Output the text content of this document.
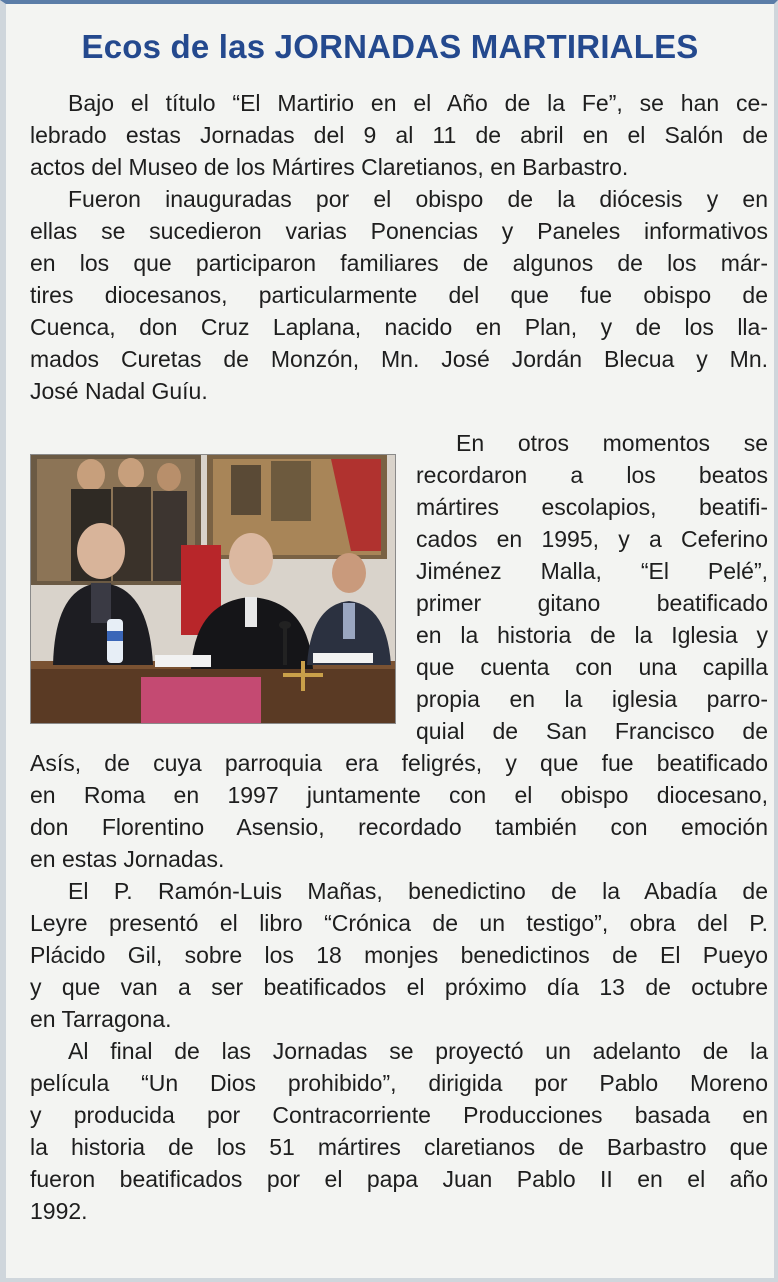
Ecos de las JORNADAS MARTIRIALES
Bajo el título “El Martirio en el Año de la Fe”, se han ce-
lebrado estas Jornadas del 9 al 11 de abril en el Salón de
actos del Museo de los Mártires Claretianos, en Barbastro.
Fueron inauguradas por el obispo de la diócesis y en
ellas se sucedieron varias Ponencias y Paneles informativos
en los que participaron familiares de algunos de los már-
tires diocesanos, particularmente del que fue obispo de
Cuenca, don Cruz Laplana, nacido en Plan, y de los lla-
mados Curetas de Monzón, Mn. José Jordán Blecua y Mn.
José Nadal Guíu.
En otros momentos se
recordaron a los beatos
mártires escolapios, beatifi-
cados en 1995, y a Ceferino
Jiménez Malla, “El Pelé”,
primer gitano beatificado
en la historia de la Iglesia y
que cuenta con una capilla
propia en la iglesia parro-
quial de San Francisco de
Asís, de cuya parroquia era feligrés, y que fue beatificado
en Roma en 1997 juntamente con el obispo diocesano,
don Florentino Asensio, recordado también con emoción
en estas Jornadas.
El P. Ramón-Luis Mañas, benedictino de la Abadía de
Leyre presentó el libro “Crónica de un testigo”, obra del P.
Plácido Gil, sobre los 18 monjes benedictinos de El Pueyo
y que van a ser beatificados el próximo día 13 de octubre
en Tarragona.
Al final de las Jornadas se proyectó un adelanto de la
película “Un Dios prohibido”, dirigida por Pablo Moreno
y producida por Contracorriente Producciones basada en
la historia de los 51 mártires claretianos de Barbastro que
fueron beatificados por el papa Juan Pablo II en el año
1992.
